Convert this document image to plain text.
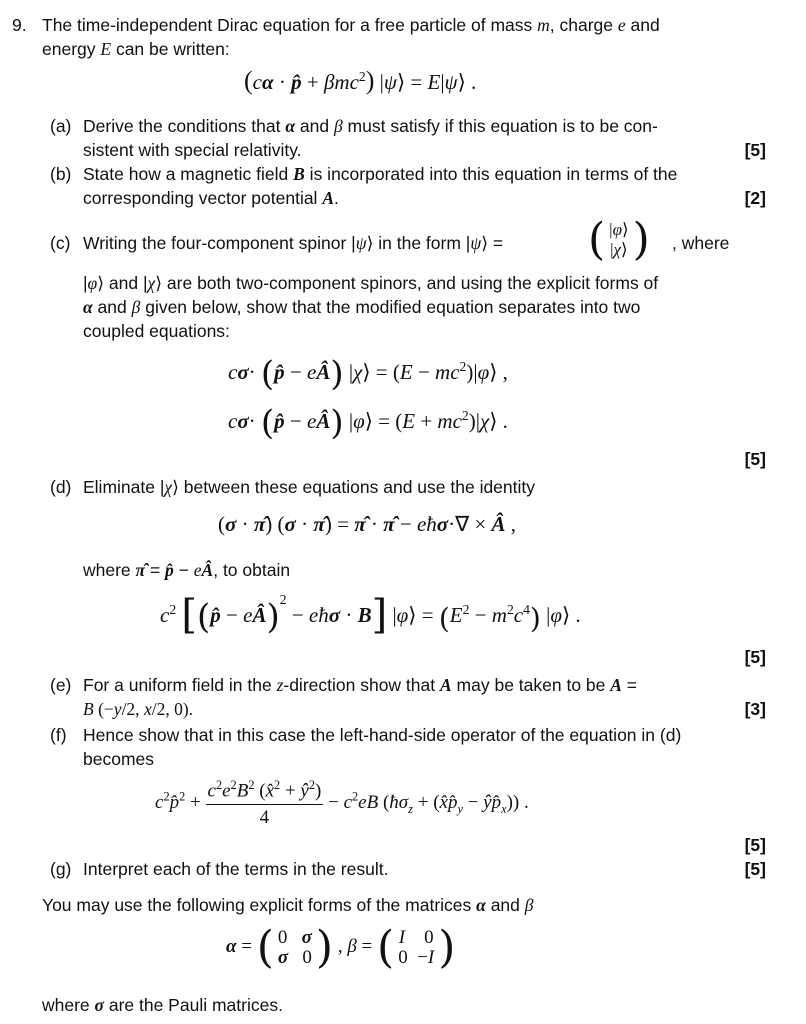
9. The time-independent Dirac equation for a free particle of mass m, charge e and
energy E can be written:
(cα · p̂ + βmc$^2$) |ψ⟩ = E|ψ⟩ .
(a) Derive the conditions that α and β must satisfy if this equation is to be con-
sistent with special relativity.	[5]
(b) State how a magnetic field B is incorporated into this equation in terms of the
corresponding vector potential A.	[2]
(c) Writing the four-component spinor |ψ⟩ in the form |ψ⟩ = ( |φ⟩
|χ⟩ ) , where
|φ⟩ and |χ⟩ are both two-component spinors, and using the explicit forms of
α and β given below, show that the modified equation separates into two
coupled equations:
cσ· (p̂ − eÂ) |χ⟩ = $(E - mc^2)|\varphi⟩$ ,
cσ· (p̂ − eÂ) |φ⟩ = $(E + mc^2)|\chi⟩$ .
[5]
(d) Eliminate |χ⟩ between these equations and use the identity
(σ · π̂) (σ · π̂) = π̂ · π̂ − eħσ·∇ × Â ,
where π̂ = p̂ − eÂ, to obtain
$c^2$ [(p̂ − eÂ)$^2$ − eħσ · B] |φ⟩ = $(E^2 - m^2c^4)$ |φ⟩ .
[5]
(e) For a uniform field in the z-direction show that A may be taken to be A =
B (−y/2, x/2, 0).	[3]
(f) Hence show that in this case the left-hand-side operator of the equation in (d)
becomes
$c^2p̂^2 + \frac{c^2e^2B^2 (x̂^2 + ŷ^2)}{4} - c^2eB$ ($ħ\sigma_z$ + ($x̂p̂_y$ − $ŷp̂_x$)) .
[5]
(g) Interpret each of the terms in the result.	[5]
You may use the following explicit forms of the matrices α and β
α = ( 0   σ
σ   0) , β = ( I    0
0  −I)
where σ are the Pauli matrices.
